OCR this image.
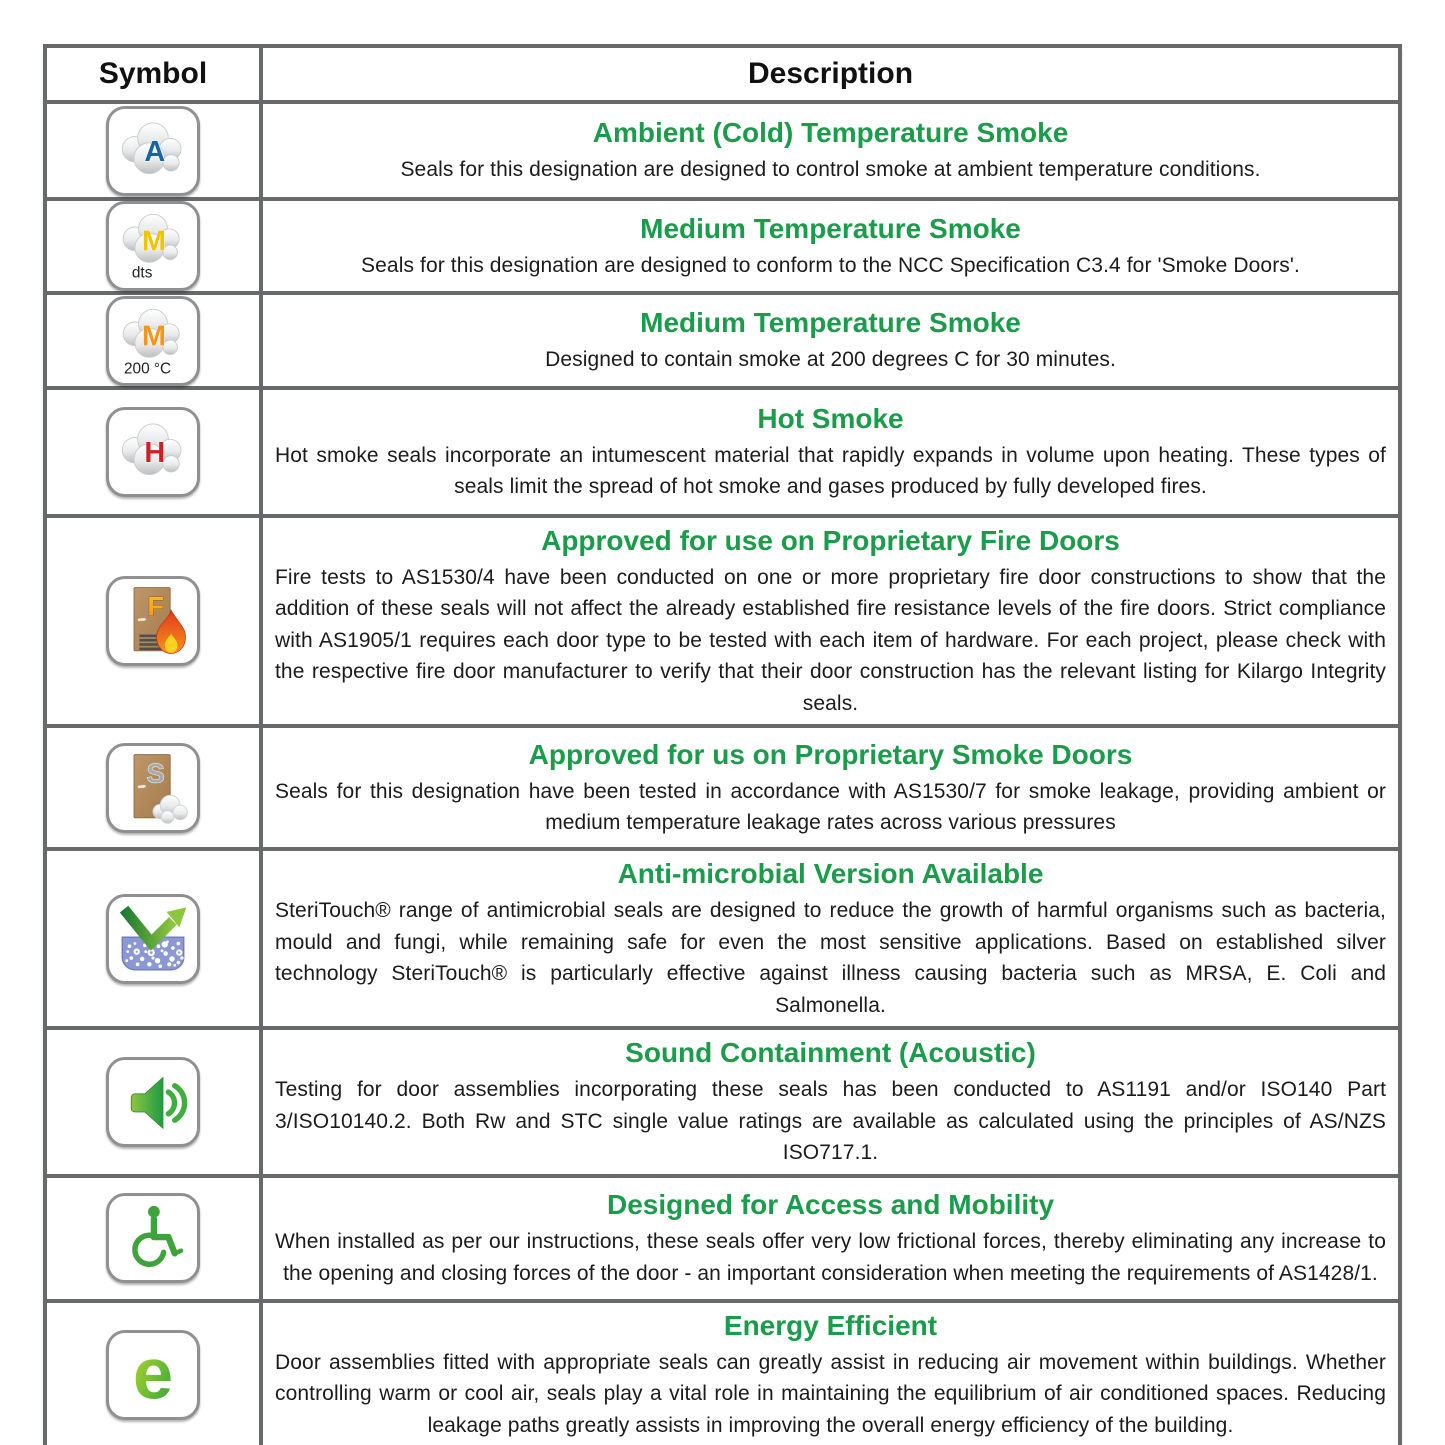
Symbol	Description
A
Ambient (Cold) Temperature Smoke
Seals for this designation are designed to control smoke at ambient temperature conditions.
M
dts
Medium Temperature Smoke
Seals for this designation are designed to conform to the NCC Specification C3.4 for 'Smoke Doors'.
M
200 °C
Medium Temperature Smoke
Designed to contain smoke at 200 degrees C for 30 minutes.
H
Hot Smoke
Hot smoke seals incorporate an intumescent material that rapidly expands in volume upon heating. These types of seals limit the spread of hot smoke and gases produced by fully developed fires.
F
Approved for use on Proprietary Fire Doors
Fire tests to AS1530/4 have been conducted on one or more proprietary fire door constructions to show that the addition of these seals will not affect the already established fire resistance levels of the fire doors. Strict compliance with AS1905/1 requires each door type to be tested with each item of hardware. For each project, please check with the respective fire door manufacturer to verify that their door construction has the relevant listing for Kilargo Integrity seals.
S
Approved for us on Proprietary Smoke Doors
Seals for this designation have been tested in accordance with AS1530/7 for smoke leakage, providing ambient or medium temperature leakage rates across various pressures
Anti-microbial Version Available
SteriTouch® range of antimicrobial seals are designed to reduce the growth of harmful organisms such as bacteria, mould and fungi, while remaining safe for even the most sensitive applications. Based on established silver technology SteriTouch® is particularly effective against illness causing bacteria such as MRSA, E. Coli and Salmonella.
Sound Containment (Acoustic)
Testing for door assemblies incorporating these seals has been conducted to AS1191 and/or ISO140 Part 3/ISO10140.2. Both Rw and STC single value ratings are available as calculated using the principles of AS/NZS ISO717.1.
Designed for Access and Mobility
When installed as per our instructions, these seals offer very low frictional forces, thereby eliminating any increase to the opening and closing forces of the door - an important consideration when meeting the requirements of AS1428/1.
e
Energy Efficient
Door assemblies fitted with appropriate seals can greatly assist in reducing air movement within buildings. Whether controlling warm or cool air, seals play a vital role in maintaining the equilibrium of air conditioned spaces. Reducing leakage paths greatly assists in improving the overall energy efficiency of the building.
